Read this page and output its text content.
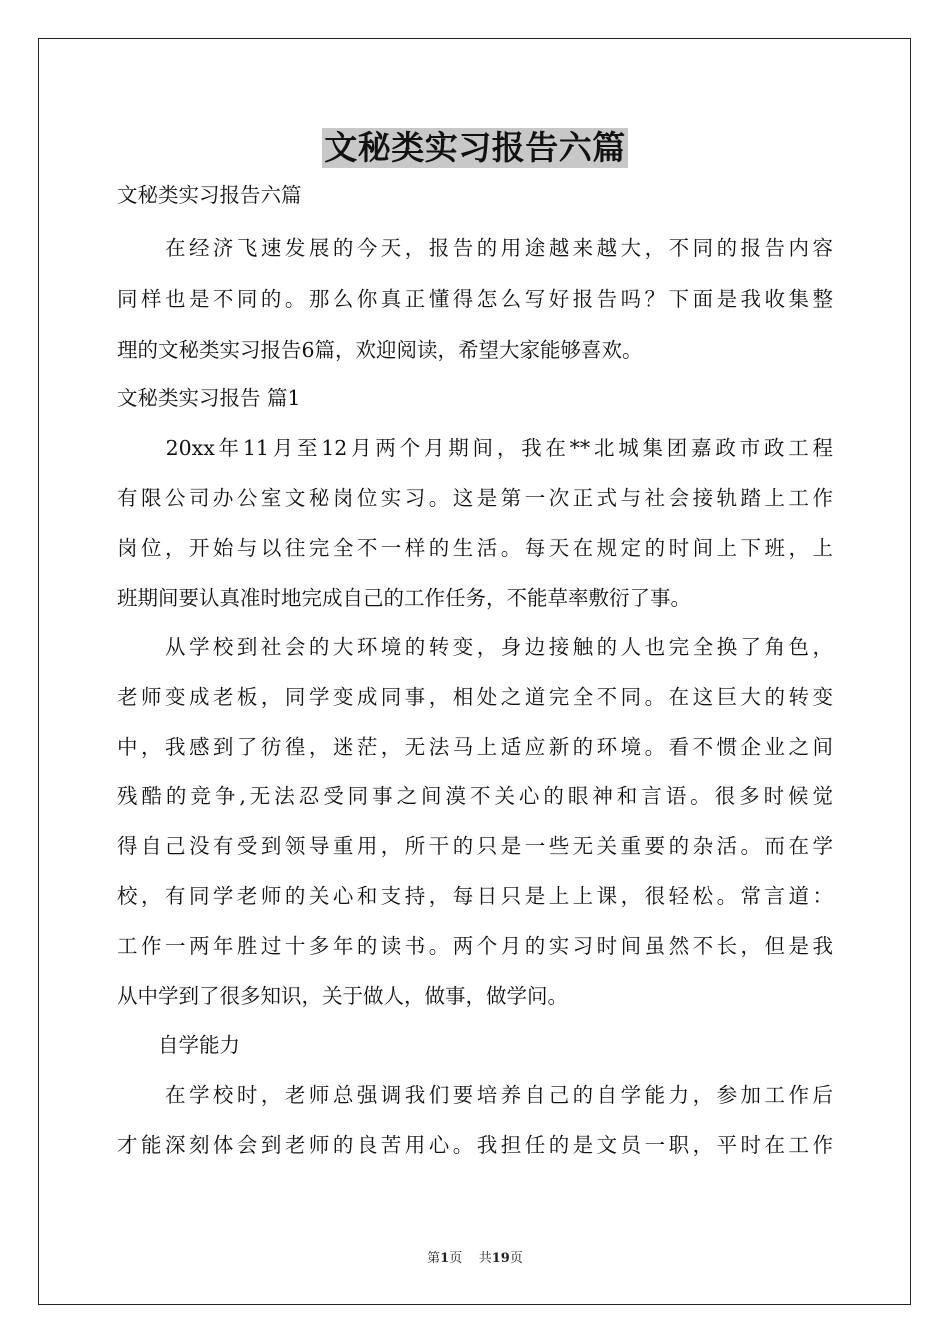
文秘类实习报告六篇
文秘类实习报告六篇
　　在经济飞速发展的今天，报告的用途越来越大，不同的报告内容
同样也是不同的。那么你真正懂得怎么写好报告吗？下面是我收集整
理的文秘类实习报告6篇，欢迎阅读，希望大家能够喜欢。
文秘类实习报告 篇1
　　20xx年11月至12月两个月期间，我在**北城集团嘉政市政工程
有限公司办公室文秘岗位实习。这是第一次正式与社会接轨踏上工作
岗位，开始与以往完全不一样的生活。每天在规定的时间上下班，上
班期间要认真准时地完成自己的工作任务，不能草率敷衍了事。
　　从学校到社会的大环境的转变，身边接触的人也完全换了角色，
老师变成老板，同学变成同事，相处之道完全不同。在这巨大的转变
中，我感到了彷徨，迷茫，无法马上适应新的环境。看不惯企业之间
残酷的竞争,无法忍受同事之间漠不关心的眼神和言语。很多时候觉
得自己没有受到领导重用，所干的只是一些无关重要的杂活。而在学
校，有同学老师的关心和支持，每日只是上上课，很轻松。常言道：
工作一两年胜过十多年的读书。两个月的实习时间虽然不长，但是我
从中学到了很多知识，关于做人，做事，做学问。
　　自学能力
　　在学校时，老师总强调我们要培养自己的自学能力，参加工作后
才能深刻体会到老师的良苦用心。我担任的是文员一职，平时在工作
第1页 共19页
